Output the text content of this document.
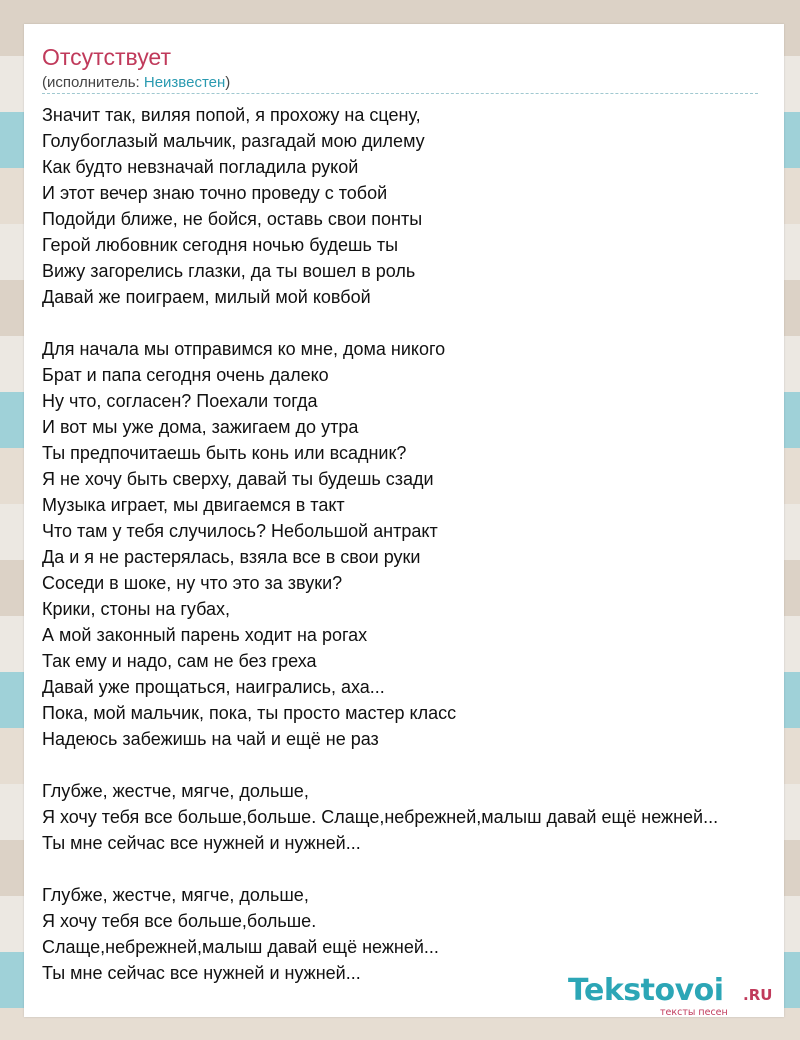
Отсутствует
(исполнитель: Неизвестен)
Значит так, виляя попой, я прохожу на сцену,
Голубоглазый мальчик, разгадай мою дилему
Как будто невзначай погладила рукой
И этот вечер знаю точно проведу с тобой
Подойди ближе, не бойся, оставь свои понты
Герой любовник сегодня ночью будешь ты
Вижу загорелись глазки, да ты вошел в роль
Давай же поиграем, милый мой ковбой
Для начала мы отправимся ко мне, дома никого
Брат и папа сегодня очень далеко
Ну что, согласен? Поехали тогда
И вот мы уже дома, зажигаем до утра
Ты предпочитаешь быть конь или всадник?
Я не хочу быть сверху, давай ты будешь сзади
Музыка играет, мы двигаемся в такт
Что там у тебя случилось? Небольшой антракт
Да и я не растерялась, взяла все в свои руки
Соседи в шоке, ну что это за звуки?
Крики, стоны на губах,
А мой законный парень ходит на рогах
Так ему и надо, сам не без греха
Давай уже прощаться, наигрались, аха...
Пока, мой мальчик, пока, ты просто мастер класс
Надеюсь забежишь на чай и ещё не раз
Глубже, жестче, мягче, дольше,
Я хочу тебя все больше,больше. Слаще,небрежней,малыш давай ещё нежней...
Ты мне сейчас все нужней и нужней...
Глубже, жестче, мягче, дольше,
Я хочу тебя все больше,больше.
Слаще,небрежней,малыш давай ещё нежней...
Ты мне сейчас все нужней и нужней...	Tekstovoi .RU
тексты песен
